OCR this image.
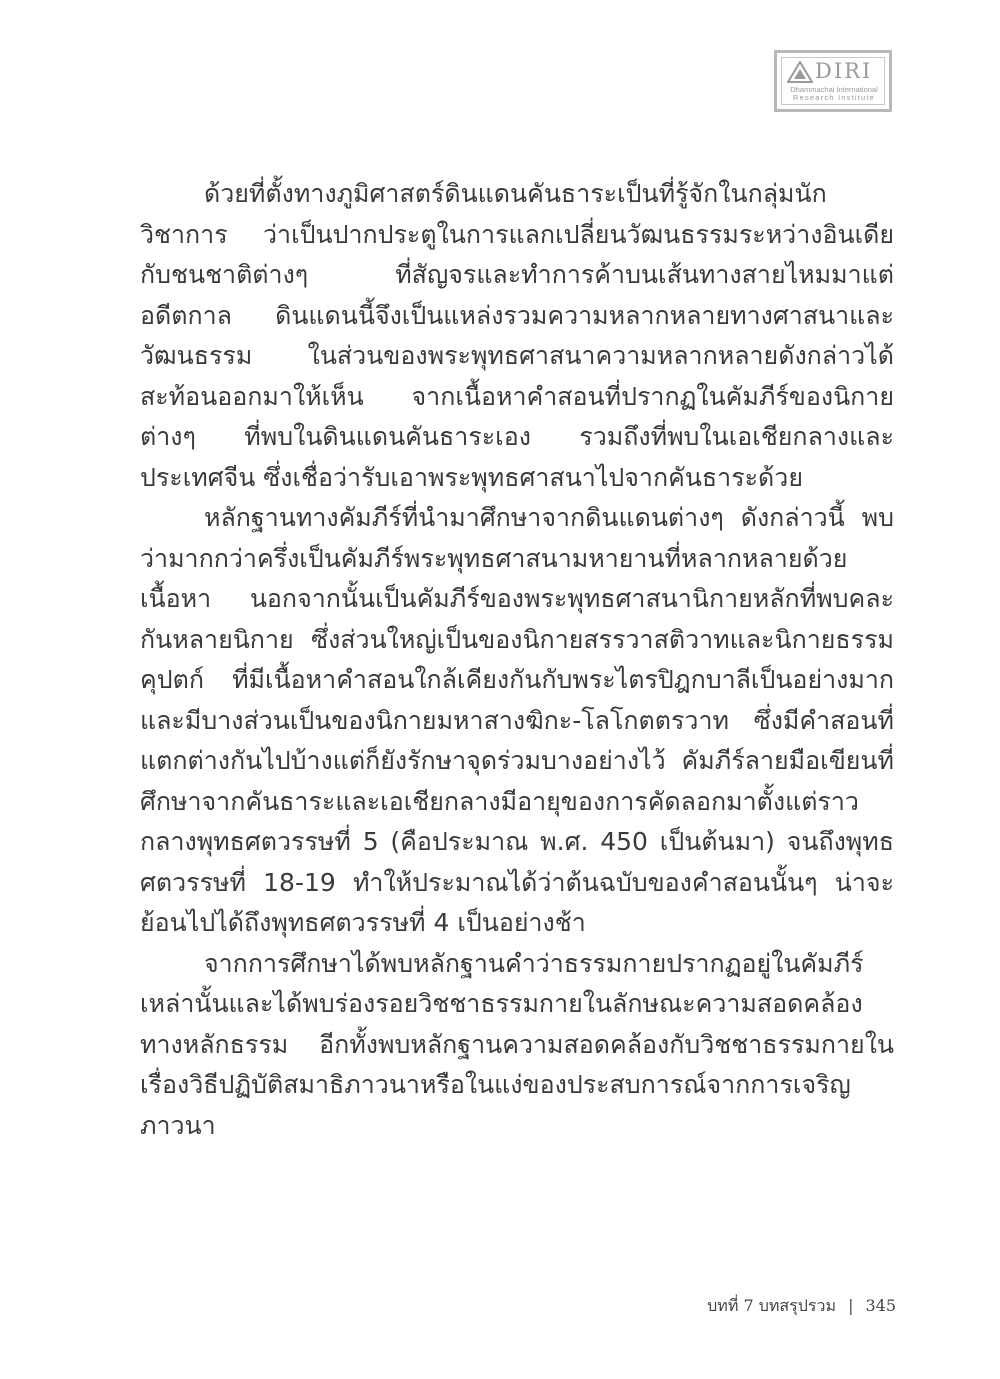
DIRI
Dhammachai International
Research Institute

ด้วยที่ตั้งทางภูมิศาสตร์ดินแดนคันธาระเป็นที่รู้จักในกลุ่มนักวิชาการ ว่าเป็นปากประตูในการแลกเปลี่ยนวัฒนธรรมระหว่างอินเดียกับชนชาติต่างๆ ที่สัญจรและทำการค้าบนเส้นทางสายไหมมาแต่อดีตกาล ดินแดนนี้จึงเป็นแหล่งรวมความหลากหลายทางศาสนาและวัฒนธรรม ในส่วนของพระพุทธศาสนาความหลากหลายดังกล่าวได้สะท้อนออกมาให้เห็น จากเนื้อหาคำสอนที่ปรากฏในคัมภีร์ของนิกายต่างๆ ที่พบในดินแดนคันธาระเอง รวมถึงที่พบในเอเชียกลางและประเทศจีน ซึ่งเชื่อว่ารับเอาพระพุทธศาสนาไปจากคันธาระด้วย

หลักฐานทางคัมภีร์ที่นำมาศึกษาจากดินแดนต่างๆ ดังกล่าวนี้ พบว่ามากกว่าครึ่งเป็นคัมภีร์พระพุทธศาสนามหายานที่หลากหลายด้วยเนื้อหา นอกจากนั้นเป็นคัมภีร์ของพระพุทธศาสนานิกายหลักที่พบคละกันหลายนิกาย ซึ่งส่วนใหญ่เป็นของนิกายสรรวาสติวาทและนิกายธรรมคุปตก์ ที่มีเนื้อหาคำสอนใกล้เคียงกันกับพระไตรปิฎกบาลีเป็นอย่างมาก และมีบางส่วนเป็นของนิกายมหาสางฆิกะ-โลโกตตรวาท ซึ่งมีคำสอนที่แตกต่างกันไปบ้างแต่ก็ยังรักษาจุดร่วมบางอย่างไว้ คัมภีร์ลายมือเขียนที่ศึกษาจากคันธาระและเอเชียกลางมีอายุของการคัดลอกมาตั้งแต่ราวกลางพุทธศตวรรษที่ 5 (คือประมาณ พ.ศ. 450 เป็นต้นมา) จนถึงพุทธศตวรรษที่ 18-19 ทำให้ประมาณได้ว่าต้นฉบับของคำสอนนั้นๆ น่าจะย้อนไปได้ถึงพุทธศตวรรษที่ 4 เป็นอย่างช้า

จากการศึกษาได้พบหลักฐานคำว่าธรรมกายปรากฏอยู่ในคัมภีร์เหล่านั้นและได้พบร่องรอยวิชชาธรรมกายในลักษณะความสอดคล้องทางหลักธรรม อีกทั้งพบหลักฐานความสอดคล้องกับวิชชาธรรมกายในเรื่องวิธีปฏิบัติสมาธิภาวนาหรือในแง่ของประสบการณ์จากการเจริญภาวนา

บทที่ 7 บทสรุปรวม | 345
